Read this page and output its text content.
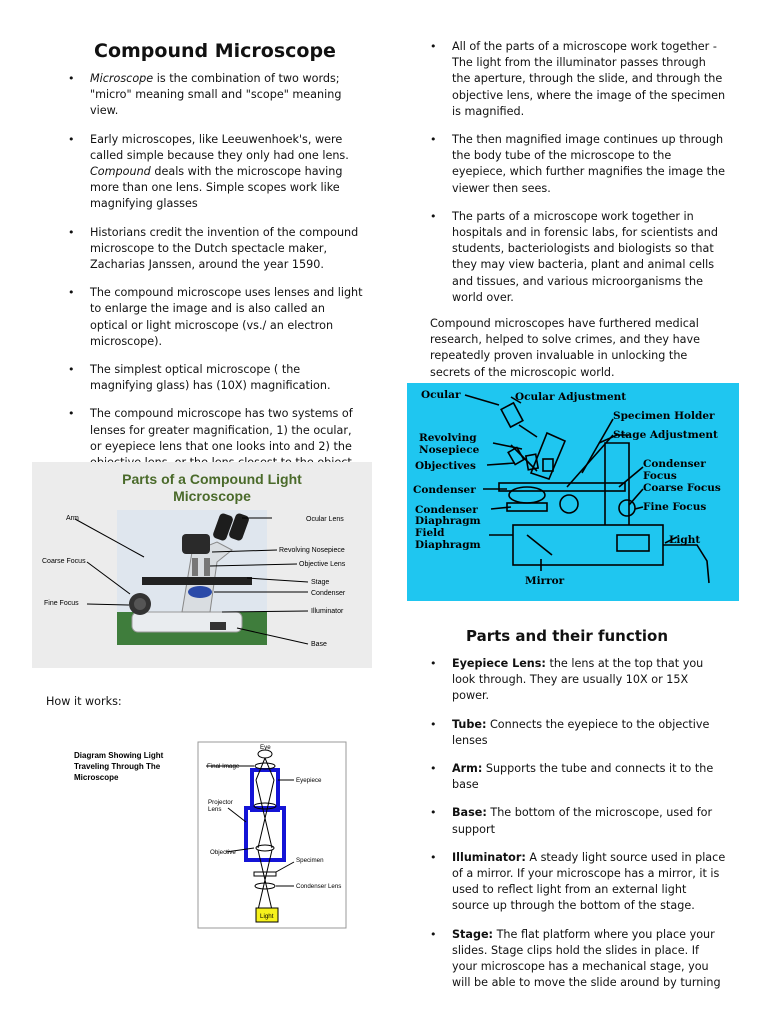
Compound Microscope
• Microscope is the combination of two words; "micro" meaning small and "scope" meaning view.
• Early microscopes, like Leeuwenhoek's, were called simple because they only had one lens. Compound deals with the microscope having more than one lens. Simple scopes work like magnifying glasses
• Historians credit the invention of the compound microscope to the Dutch spectacle maker, Zacharias Janssen, around the year 1590.
• The compound microscope uses lenses and light to enlarge the image and is also called an optical or light microscope (vs./ an electron microscope).
• The simplest optical microscope ( the magnifying glass) has (10X) magnification.
• The compound microscope has two systems of lenses for greater magnification, 1) the ocular, or eyepiece lens that one looks into and 2) the
• All of the parts of a microscope work together - The light from the illuminator passes through the aperture, through the slide, and through the objective lens, where the image of the specimen is magnified.
• The then magnified image continues up through the body tube of the microscope to the eyepiece, which further magnifies the image the viewer then sees.
• The parts of a microscope work together in hospitals and in forensic labs, for scientists and students, bacteriologists and biologists so that they may view bacteria, plant and animal cells and tissues, and various microorganisms the world over.
Compound microscopes have furthered medical research, helped to solve crimes, and they have repeatedly proven invaluable in unlocking the secrets of the microscopic world.
Parts of a Compound Light
Microscope
Arm
Coarse Focus
Fine Focus
Ocular Lens
Revolving Nosepiece
Objective Lens
Stage
Condenser
Illuminator
Base
Ocular	Ocular Adjustment
Specimen Holder
Stage Adjustment
Revolving
Nosepiece
Objectives	Condenser
Focus
Coarse Focus
Condenser
Fine Focus
Condenser
Diaphragm
Field
Diaphragm	Light
Mirror
How it works:
Diagram Showing Light
Traveling Through The
Microscope
Eye
Final Image
Eyepiece
Projector
Lens
Objective
Specimen
Condenser Lens
Light
Parts and their function
• Eyepiece Lens: the lens at the top that you look through. They are usually 10X or 15X power.
• Tube: Connects the eyepiece to the objective lenses
• Arm: Supports the tube and connects it to the base
• Base: The bottom of the microscope, used for support
• Illuminator: A steady light source used in place of a mirror. If your microscope has a mirror, it is used to reflect light from an external light source up through the bottom of the stage.
• Stage: The flat platform where you place your slides. Stage clips hold the slides in place. If your microscope has a mechanical stage, you will be able to move the slide around by turning
